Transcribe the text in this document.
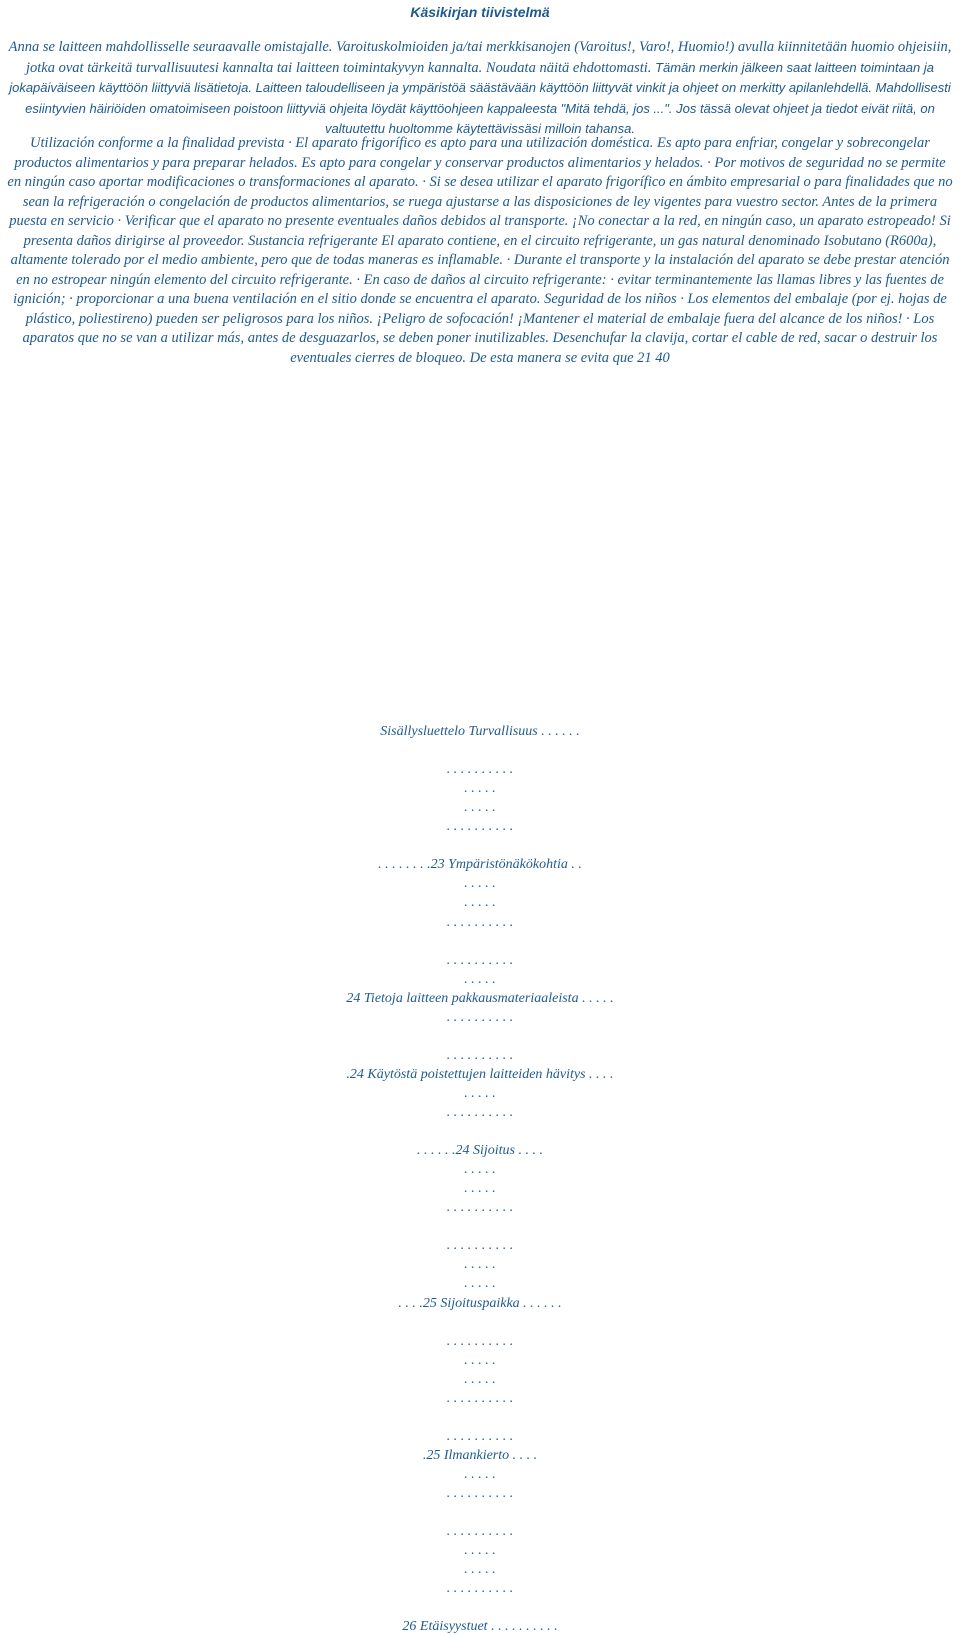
Käsikirjan tiivistelmä
Anna se laitteen mahdollisselle seuraavalle omistajalle. Varoituskolmioiden ja/tai merkkisanojen (Varoitus!, Varo!, Huomio!) avulla kiinnitetään huomio ohjeisiin, jotka ovat tärkeitä turvallisuutesi kannalta tai laitteen toimintakyvyn kannalta. Noudata näitä ehdottomasti. Tämän merkin jälkeen saat laitteen toimintaan ja jokapäiväiseen käyttöön liittyviä lisätietoja. Laitteen taloudelliseen ja ympäristöä säästävään käyttöön liittyvät vinkit ja ohjeet on merkitty apilanlehdellä. Mahdollisesti esiintyvien häiriöiden omatoimiseen poistoon liittyviä ohjeita löydät käyttöohjeen kappaleesta "Mitä tehdä, jos ...". Jos tässä olevat ohjeet ja tiedot eivät riitä, on valtuutettu huoltomme käytettävissäsi milloin tahansa.
Utilización conforme a la finalidad prevista · El aparato frigorífico es apto para una utilización doméstica. Es apto para enfriar, congelar y sobrecongelar productos alimentarios y para preparar helados. Es apto para congelar y conservar productos alimentarios y helados. · Por motivos de seguridad no se permite en ningún caso aportar modificaciones o transformaciones al aparato. · Si se desea utilizar el aparato frigorífico en ámbito empresarial o para finalidades que no sean la refrigeración o congelación de productos alimentarios, se ruega ajustarse a las disposiciones de ley vigentes para vuestro sector. Antes de la primera puesta en servicio · Verificar que el aparato no presente eventuales daños debidos al transporte. ¡No conectar a la red, en ningún caso, un aparato estropeado! Si presenta daños dirigirse al proveedor. Sustancia refrigerante El aparato contiene, en el circuito refrigerante, un gas natural denominado Isobutano (R600a), altamente tolerado por el medio ambiente, pero que de todas maneras es inflamable. · Durante el transporte y la instalación del aparato se debe prestar atención en no estropear ningún elemento del circuito refrigerante. · En caso de daños al circuito refrigerante: · evitar terminantemente las llamas libres y las fuentes de ignición; · proporcionar a una buena ventilación en el sitio donde se encuentra el aparato. Seguridad de los niños · Los elementos del embalaje (por ej. hojas de plástico, poliestireno) pueden ser peligrosos para los niños. ¡Peligro de sofocación! ¡Mantener el material de embalaje fuera del alcance de los niños! · Los aparatos que no se van a utilizar más, antes de desguazarlos, se deben poner inutilizables. Desenchufar la clavija, cortar el cable de red, sacar o destruir los eventuales cierres de bloqueo. De esta manera se evita que 21 40
Sisällysluettelo Turvallisuus . . . . . .
. . . . . . . . . .
. . . . .
. . . . .
. . . . . . . . . .
. . . . . . . .23 Ympäristönäkökohtia . .
. . . . .
. . . . .
. . . . . . . . . .
. . . . . . . . . .
. . . . .
24 Tietoja laitteen pakkausmateriaaleista . . . . .
. . . . . . . . . .
. . . . . . . . . .
.24 Käytöstä poistettujen laitteiden hävitys . . . .
. . . . .
. . . . . . . . . .
. . . . . .24 Sijoitus . . . .
. . . . .
. . . . .
. . . . . . . . . .
. . . . . . . . . .
. . . . .
. . . . .
. . . .25 Sijoituspaikka . . . . . .
. . . . . . . . . .
. . . . .
. . . . .
. . . . . . . . . .
. . . . . . . . . .
.25 Ilmankierto . . . .
. . . . .
. . . . . . . . . .
. . . . . . . . . .
. . . . .
. . . . .
. . . . . . . . . .
26 Etäisyystuet . . . . . . . . . .
